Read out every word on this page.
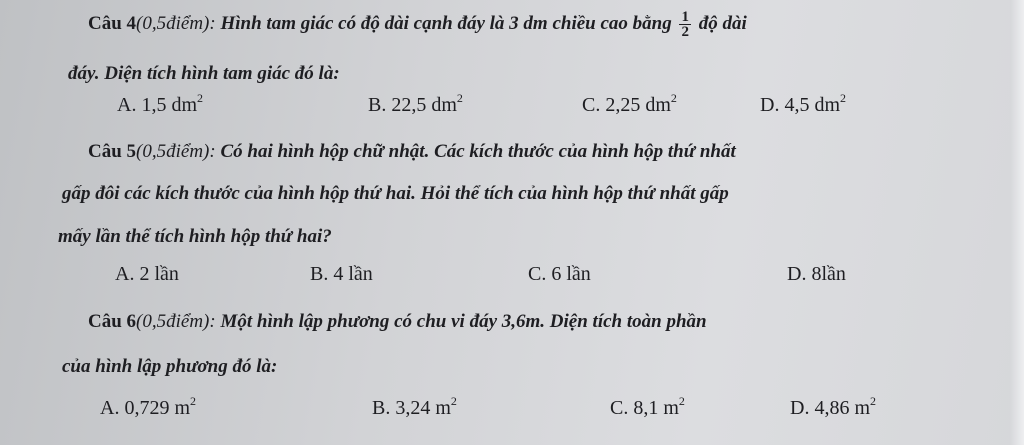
Câu 4(0,5điểm): Hình tam giác có độ dài cạnh đáy là 3 dm chiều cao bằng $\frac{1}{2}$ độ dài
đáy. Diện tích hình tam giác đó là:
A. 1,5 $dm^2$	B. 22,5 $dm^2$	C. 2,25 $dm^2$	D. 4,5 $dm^2$
Câu 5(0,5điểm): Có hai hình hộp chữ nhật. Các kích thước của hình hộp thứ nhất
gấp đôi các kích thước của hình hộp thứ hai. Hỏi thể tích của hình hộp thứ nhất gấp
mấy lần thể tích hình hộp thứ hai?
A. 2 lần	B. 4 lần	C. 6 lần	D. 8lần
Câu 6(0,5điểm): Một hình lập phương có chu vi đáy 3,6m. Diện tích toàn phần
của hình lập phương đó là:
A. 0,729 $m^2$	B. 3,24 $m^2$	C. 8,1 $m^2$	D. 4,86 $m^2$
